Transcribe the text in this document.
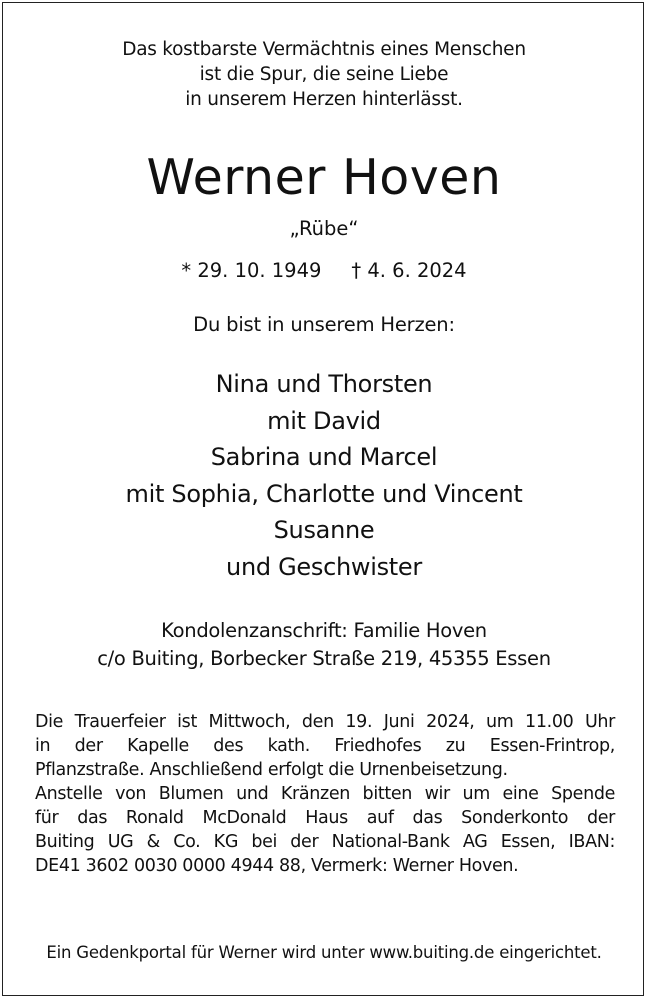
Das kostbarste Vermächtnis eines Menschen
ist die Spur, die seine Liebe
in unserem Herzen hinterlässt.
Werner Hoven
„Rübe“
* 29. 10. 1949 † 4. 6. 2024
Du bist in unserem Herzen:
Nina und Thorsten
mit David
Sabrina und Marcel
mit Sophia, Charlotte und Vincent
Susanne
und Geschwister
Kondolenzanschrift: Familie Hoven
c/o Buiting, Borbecker Straße 219, 45355 Essen
Die Trauerfeier ist Mittwoch, den 19. Juni 2024, um 11.00 Uhr
in der Kapelle des kath. Friedhofes zu Essen-Frintrop,
Pflanzstraße. Anschließend erfolgt die Urnenbeisetzung.
Anstelle von Blumen und Kränzen bitten wir um eine Spende
für das Ronald McDonald Haus auf das Sonderkonto der
Buiting UG & Co. KG bei der National-Bank AG Essen, IBAN:
DE41 3602 0030 0000 4944 88, Vermerk: Werner Hoven.
Ein Gedenkportal für Werner wird unter www.buiting.de eingerichtet.
